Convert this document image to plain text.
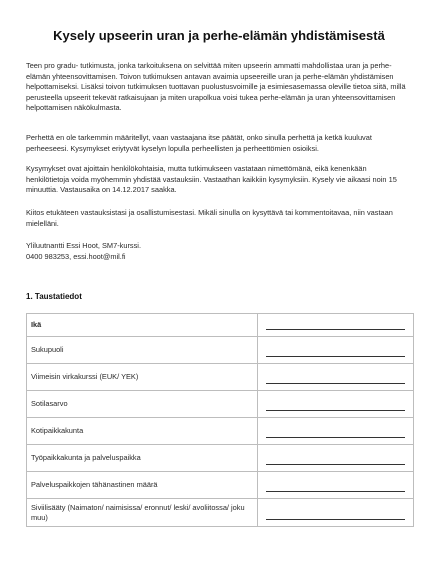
Kysely upseerin uran ja perhe-elämän yhdistämisestä
Teen pro gradu- tutkimusta, jonka tarkoituksena on selvittää miten upseerin ammatti mahdollistaa uran ja perhe-elämän yhteensovittamisen. Toivon tutkimuksen antavan avaimia upseereille uran ja perhe-elämän yhdistämisen helpottamiseksi. Lisäksi toivon tutkimuksen tuottavan puolustusvoimille ja esimiesasemassa oleville tietoa siitä, millä perusteella upseerit tekevät ratkaisujaan ja miten urapolkua voisi tukea perhe-elämän ja uran yhteensovittamisen helpottamisen näkökulmasta.
Perhettä en ole tarkemmin määritellyt, vaan vastaajana itse päätät, onko sinulla perhettä ja ketkä kuuluvat perheeseesi. Kysymykset eriytyvät kyselyn lopulla perheellisten ja perheettömien osioiksi.
Kysymykset ovat ajoittain henkilökohtaisia, mutta tutkimukseen vastataan nimettömänä, eikä kenenkään henkilötietoja voida myöhemmin yhdistää vastauksiin. Vastaathan kaikkiin kysymyksiin. Kysely vie aikaasi noin 15 minuuttia. Vastausaika on 14.12.2017 saakka.
Kiitos etukäteen vastauksistasi ja osallistumisestasi. Mikäli sinulla on kysyttävä tai kommentoitavaa, niin vastaan mielelläni.
Yliluutnantti Essi Hoot, SM7-kurssi.
0400 983253, essi.hoot@mil.fi
1. Taustatiedot
Ikä	

Sukupuoli	

Viimeisin virkakurssi (EUK/ YEK)	

Sotilasarvo	

Kotipaikkakunta	

Työpaikkakunta ja palveluspaikka	

Palveluspaikkojen tähänastinen määrä	

Siviilisääty (Naimaton/ naimisissa/ eronnut/ leski/ avoliitossa/ joku muu)	
